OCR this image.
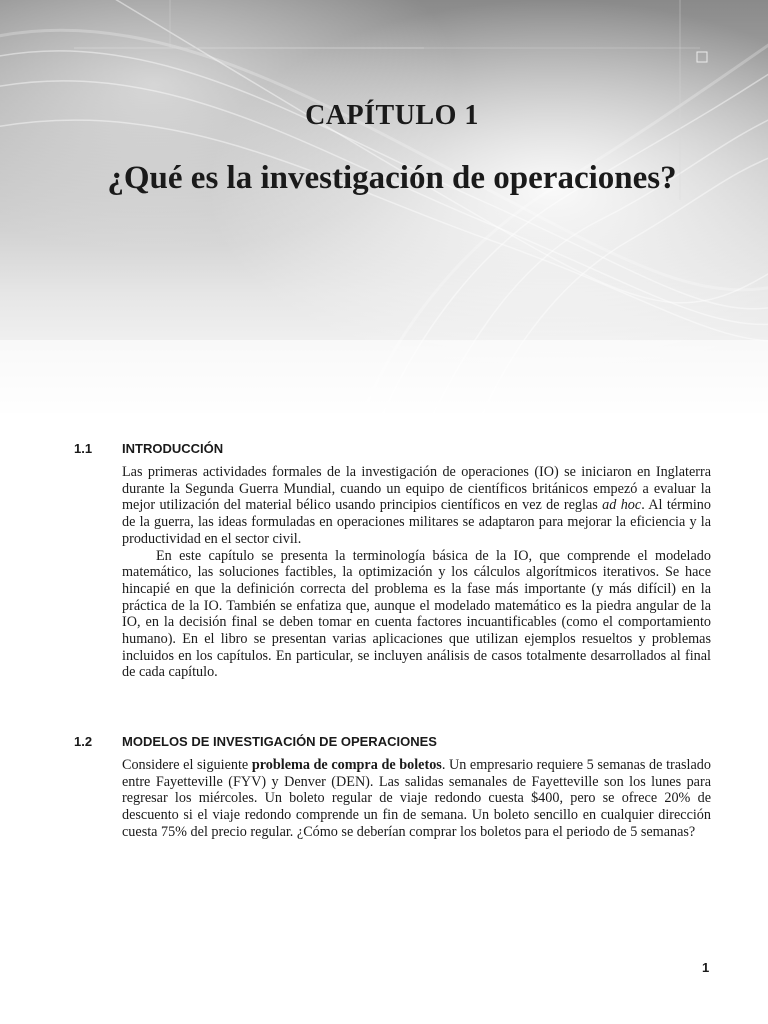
CAPÍTULO 1
¿Qué es la investigación de operaciones?
1.1 INTRODUCCIÓN

Las primeras actividades formales de la investigación de operaciones (IO) se iniciaron en Inglaterra durante la Segunda Guerra Mundial, cuando un equipo de científicos británicos empezó a evaluar la mejor utilización del material bélico usando principios científicos en vez de reglas ad hoc. Al término de la guerra, las ideas formuladas en operaciones militares se adaptaron para mejorar la eficiencia y la productividad en el sector civil.

En este capítulo se presenta la terminología básica de la IO, que comprende el modelado matemático, las soluciones factibles, la optimización y los cálculos algorítmicos iterativos. Se hace hincapié en que la definición correcta del problema es la fase más importante (y más difícil) en la práctica de la IO. También se enfatiza que, aunque el modelado matemático es la piedra angular de la IO, en la decisión final se deben tomar en cuenta factores incuantificables (como el comportamiento humano). En el libro se presentan varias aplicaciones que utilizan ejemplos resueltos y problemas incluidos en los capítulos. En particular, se incluyen análisis de casos totalmente desarrollados al final de cada capítulo.

1.2 MODELOS DE INVESTIGACIÓN DE OPERACIONES

Considere el siguiente problema de compra de boletos. Un empresario requiere 5 semanas de traslado entre Fayetteville (FYV) y Denver (DEN). Las salidas semanales de Fayetteville son los lunes para regresar los miércoles. Un boleto regular de viaje redondo cuesta $400, pero se ofrece 20% de descuento si el viaje redondo comprende un fin de semana. Un boleto sencillo en cualquier dirección cuesta 75% del precio regular. ¿Cómo se deberían comprar los boletos para el periodo de 5 semanas?

1
